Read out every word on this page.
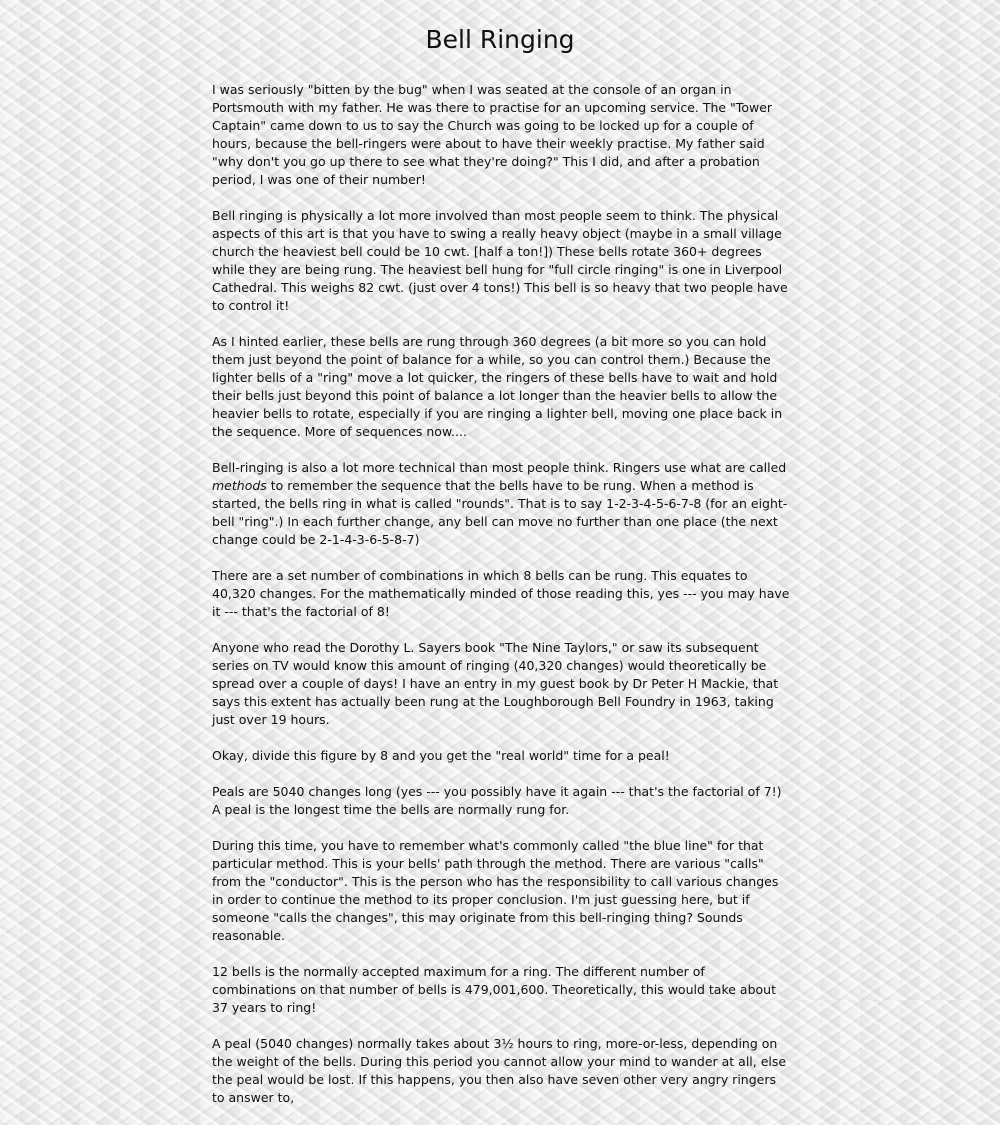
Bell Ringing

I was seriously "bitten by the bug" when I was seated at the console of an organ in Portsmouth with my father. He was there to practise for an upcoming service. The "Tower Captain" came down to us to say the Church was going to be locked up for a couple of hours, because the bell-ringers were about to have their weekly practise. My father said "why don't you go up there to see what they're doing?" This I did, and after a probation period, I was one of their number!

Bell ringing is physically a lot more involved than most people seem to think. The physical aspects of this art is that you have to swing a really heavy object (maybe in a small village church the heaviest bell could be 10 cwt. [half a ton!]) These bells rotate 360+ degrees while they are being rung. The heaviest bell hung for "full circle ringing" is one in Liverpool Cathedral. This weighs 82 cwt. (just over 4 tons!) This bell is so heavy that two people have to control it!

As I hinted earlier, these bells are rung through 360 degrees (a bit more so you can hold them just beyond the point of balance for a while, so you can control them.) Because the lighter bells of a "ring" move a lot quicker, the ringers of these bells have to wait and hold their bells just beyond this point of balance a lot longer than the heavier bells to allow the heavier bells to rotate, especially if you are ringing a lighter bell, moving one place back in the sequence. More of sequences now....

Bell-ringing is also a lot more technical than most people think. Ringers use what are called methods to remember the sequence that the bells have to be rung. When a method is started, the bells ring in what is called "rounds". That is to say 1-2-3-4-5-6-7-8 (for an eight-bell "ring".) In each further change, any bell can move no further than one place (the next change could be 2-1-4-3-6-5-8-7)

There are a set number of combinations in which 8 bells can be rung. This equates to 40,320 changes. For the mathematically minded of those reading this, yes --- you may have it --- that's the factorial of 8!

Anyone who read the Dorothy L. Sayers book "The Nine Taylors," or saw its subsequent series on TV would know this amount of ringing (40,320 changes) would theoretically be spread over a couple of days! I have an entry in my guest book by Dr Peter H Mackie, that says this extent has actually been rung at the Loughborough Bell Foundry in 1963, taking just over 19 hours.

Okay, divide this figure by 8 and you get the "real world" time for a peal!

Peals are 5040 changes long (yes --- you possibly have it again --- that's the factorial of 7!) A peal is the longest time the bells are normally rung for.

During this time, you have to remember what's commonly called "the blue line" for that particular method. This is your bells' path through the method. There are various "calls" from the "conductor". This is the person who has the responsibility to call various changes in order to continue the method to its proper conclusion. I'm just guessing here, but if someone "calls the changes", this may originate from this bell-ringing thing? Sounds reasonable.

12 bells is the normally accepted maximum for a ring. The different number of combinations on that number of bells is 479,001,600. Theoretically, this would take about 37 years to ring!

A peal (5040 changes) normally takes about 3½ hours to ring, more-or-less, depending on the weight of the bells. During this period you cannot allow your mind to wander at all, else the peal would be lost. If this happens, you then also have seven other very angry ringers to answer to,
